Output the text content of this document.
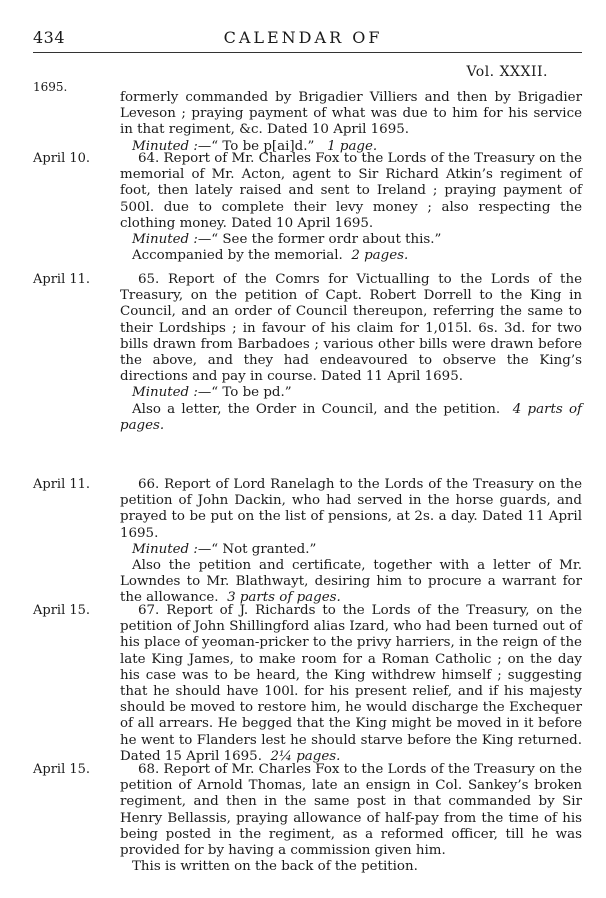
434	CALENDAR OF
Vol. XXXII.
1695.

formerly commanded by Brigadier Villiers and then by Brigadier Leveson ; praying payment of what was due to him for his service in that regiment, &c. Dated 10 April 1695.

Minuted :—“ To be p[ai]d.” 1 page.

April 10.	64. Report of Mr. Charles Fox to the Lords of the Treasury on the memorial of Mr. Acton, agent to Sir Richard Atkin’s regiment of foot, then lately raised and sent to Ireland ; praying payment of 500l. due to complete their levy money ; also respecting the clothing money. Dated 10 April 1695.

Minuted :—“ See the former ordr about this.”

Accompanied by the memorial. 2 pages.

April 11.	65. Report of the Comrs for Victualling to the Lords of the Treasury, on the petition of Capt. Robert Dorrell to the King in Council, and an order of Council thereupon, referring the same to their Lordships ; in favour of his claim for 1,015l. 6s. 3d. for two bills drawn from Barbadoes ; various other bills were drawn before the above, and they had endeavoured to observe the King’s directions and pay in course. Dated 11 April 1695.

Minuted :—“ To be pd.”

Also a letter, the Order in Council, and the petition. 4 parts of pages.

April 11.	66. Report of Lord Ranelagh to the Lords of the Treasury on the petition of John Dackin, who had served in the horse guards, and prayed to be put on the list of pensions, at 2s. a day. Dated 11 April 1695.

Minuted :—“ Not granted.”

Also the petition and certificate, together with a letter of Mr. Lowndes to Mr. Blathwayt, desiring him to procure a warrant for the allowance. 3 parts of pages.

April 15.	67. Report of J. Richards to the Lords of the Treasury, on the petition of John Shillingford alias Izard, who had been turned out of his place of yeoman-pricker to the privy harriers, in the reign of the late King James, to make room for a Roman Catholic ; on the day his case was to be heard, the King withdrew himself ; suggesting that he should have 100l. for his present relief, and if his majesty should be moved to restore him, he would discharge the Exchequer of all arrears. He begged that the King might be moved in it before he went to Flanders lest he should starve before the King returned. Dated 15 April 1695. 2¼ pages.

April 15.	68. Report of Mr. Charles Fox to the Lords of the Treasury on the petition of Arnold Thomas, late an ensign in Col. Sankey’s broken regiment, and then in the same post in that commanded by Sir Henry Bellassis, praying allowance of half-pay from the time of his being posted in the regiment, as a reformed officer, till he was provided for by having a commission given him.

This is written on the back of the petition.
